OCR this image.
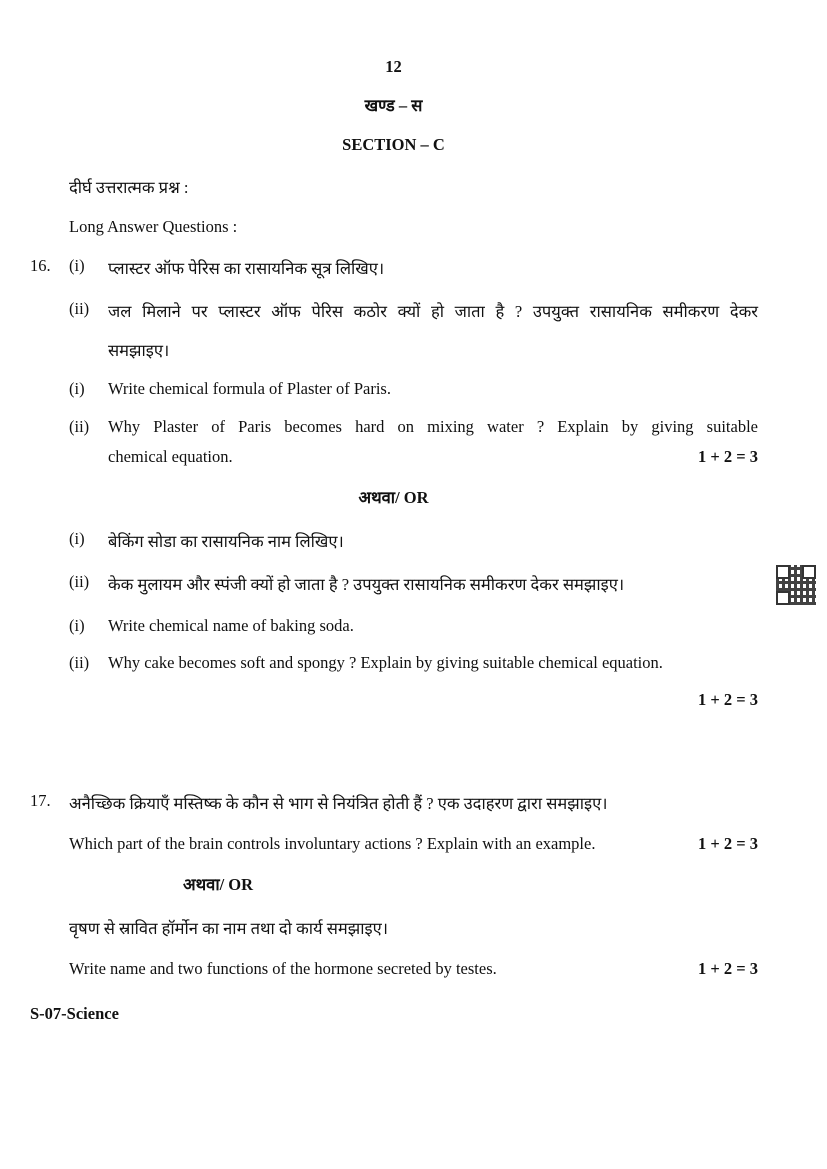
12
खण्ड – स
SECTION – C
दीर्घ उत्तरात्मक प्रश्न :
Long Answer Questions :
16. (i) प्लास्टर ऑफ पेरिस का रासायनिक सूत्र लिखिए।
(ii) जल मिलाने पर प्लास्टर ऑफ पेरिस कठोर क्यों हो जाता है ? उपयुक्त रासायनिक समीकरण देकर
समझाइए।
(i) Write chemical formula of Plaster of Paris.
(ii) Why Plaster of Paris becomes hard on mixing water ? Explain by giving suitable
chemical equation.	1 + 2 = 3
अथवा/ OR
(i) बेकिंग सोडा का रासायनिक नाम लिखिए।
(ii) केक मुलायम और स्पंजी क्यों हो जाता है ? उपयुक्त रासायनिक समीकरण देकर समझाइए।
(i) Write chemical name of baking soda.
(ii) Why cake becomes soft and spongy ? Explain by giving suitable chemical equation.
1 + 2 = 3
17. अनैच्छिक क्रियाएँ मस्तिष्क के कौन से भाग से नियंत्रित होती हैं ? एक उदाहरण द्वारा समझाइए।
Which part of the brain controls involuntary actions ? Explain with an example.	1 + 2 = 3
अथवा/ OR
वृषण से स्रावित हॉर्मोन का नाम तथा दो कार्य समझाइए।
Write name and two functions of the hormone secreted by testes.	1 + 2 = 3
S-07-Science
